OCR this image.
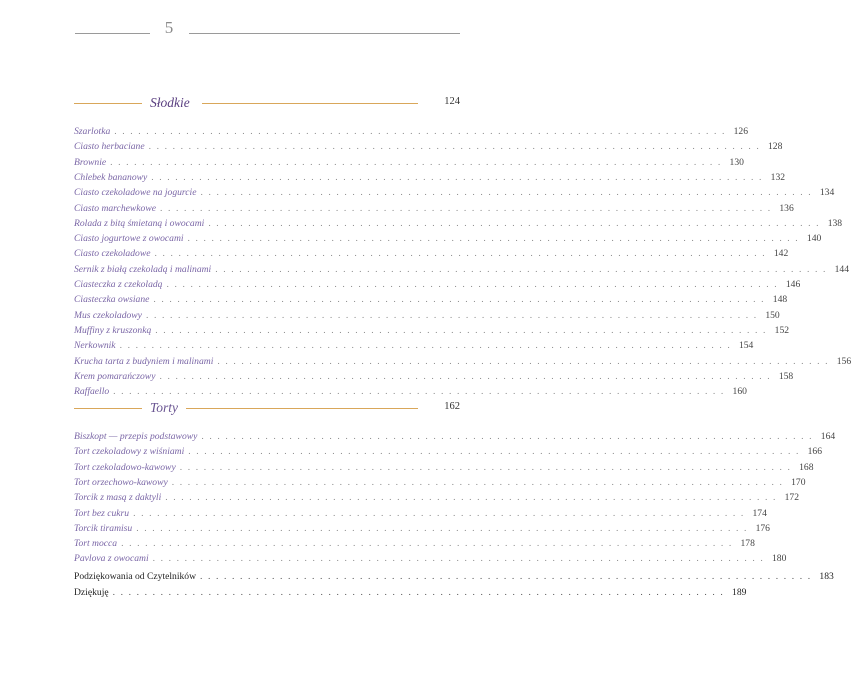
5
Słodkie	124
Szarlotka . . . . . . . . . . . . . . . . . . . . . . . . . . . . . . . . . . . . . . . . . . . . . . . . . . . . . . . . . . . . . . . . . . . . . . . . . . . . . 126
Ciasto herbaciane . . . . . . . . . . . . . . . . . . . . . . . . . . . . . . . . . . . . . . . . . . . . . . . . . . . . . . . . . . . . . . . . . . . . . . . . . . . . . 128
Brownie . . . . . . . . . . . . . . . . . . . . . . . . . . . . . . . . . . . . . . . . . . . . . . . . . . . . . . . . . . . . . . . . . . . . . . . . . . . . . 130
Chlebek bananowy . . . . . . . . . . . . . . . . . . . . . . . . . . . . . . . . . . . . . . . . . . . . . . . . . . . . . . . . . . . . . . . . . . . . . . . . . . . . . 132
Ciasto czekoladowe na jogurcie . . . . . . . . . . . . . . . . . . . . . . . . . . . . . . . . . . . . . . . . . . . . . . . . . . . . . . . . . . . . . . . . . . . . . . . . . . . . . 134
Ciasto marchewkowe . . . . . . . . . . . . . . . . . . . . . . . . . . . . . . . . . . . . . . . . . . . . . . . . . . . . . . . . . . . . . . . . . . . . . . . . . . . . . 136
Rolada z bitą śmietaną i owocami . . . . . . . . . . . . . . . . . . . . . . . . . . . . . . . . . . . . . . . . . . . . . . . . . . . . . . . . . . . . . . . . . . . . . . . . . . . . . 138
Ciasto jogurtowe z owocami . . . . . . . . . . . . . . . . . . . . . . . . . . . . . . . . . . . . . . . . . . . . . . . . . . . . . . . . . . . . . . . . . . . . . . . . . . . . . 140
Ciasto czekoladowe . . . . . . . . . . . . . . . . . . . . . . . . . . . . . . . . . . . . . . . . . . . . . . . . . . . . . . . . . . . . . . . . . . . . . . . . . . . . . 142
Sernik z białą czekoladą i malinami . . . . . . . . . . . . . . . . . . . . . . . . . . . . . . . . . . . . . . . . . . . . . . . . . . . . . . . . . . . . . . . . . . . . . . . . . . . . . 144
Ciasteczka z czekoladą . . . . . . . . . . . . . . . . . . . . . . . . . . . . . . . . . . . . . . . . . . . . . . . . . . . . . . . . . . . . . . . . . . . . . . . . . . . . . 146
Ciasteczka owsiane . . . . . . . . . . . . . . . . . . . . . . . . . . . . . . . . . . . . . . . . . . . . . . . . . . . . . . . . . . . . . . . . . . . . . . . . . . . . . 148
Mus czekoladowy . . . . . . . . . . . . . . . . . . . . . . . . . . . . . . . . . . . . . . . . . . . . . . . . . . . . . . . . . . . . . . . . . . . . . . . . . . . . . 150
Muffiny z kruszonką . . . . . . . . . . . . . . . . . . . . . . . . . . . . . . . . . . . . . . . . . . . . . . . . . . . . . . . . . . . . . . . . . . . . . . . . . . . . . 152
Nerkownik . . . . . . . . . . . . . . . . . . . . . . . . . . . . . . . . . . . . . . . . . . . . . . . . . . . . . . . . . . . . . . . . . . . . . . . . . . . . . 154
Krucha tarta z budyniem i malinami . . . . . . . . . . . . . . . . . . . . . . . . . . . . . . . . . . . . . . . . . . . . . . . . . . . . . . . . . . . . . . . . . . . . . . . . . . . . . 156
Krem pomarańczowy . . . . . . . . . . . . . . . . . . . . . . . . . . . . . . . . . . . . . . . . . . . . . . . . . . . . . . . . . . . . . . . . . . . . . . . . . . . . . 158
Raffaello . . . . . . . . . . . . . . . . . . . . . . . . . . . . . . . . . . . . . . . . . . . . . . . . . . . . . . . . . . . . . . . . . . . . . . . . . . . . . 160
Torty	162
Biszkopt — przepis podstawowy . . . . . . . . . . . . . . . . . . . . . . . . . . . . . . . . . . . . . . . . . . . . . . . . . . . . . . . . . . . . . . . . . . . . . . . . . . . . . 164
Tort czekoladowy z wiśniami . . . . . . . . . . . . . . . . . . . . . . . . . . . . . . . . . . . . . . . . . . . . . . . . . . . . . . . . . . . . . . . . . . . . . . . . . . . . . 166
Tort czekoladowo-kawowy . . . . . . . . . . . . . . . . . . . . . . . . . . . . . . . . . . . . . . . . . . . . . . . . . . . . . . . . . . . . . . . . . . . . . . . . . . . . . 168
Tort orzechowo-kawowy . . . . . . . . . . . . . . . . . . . . . . . . . . . . . . . . . . . . . . . . . . . . . . . . . . . . . . . . . . . . . . . . . . . . . . . . . . . . . 170
Torcik z masą z daktyli . . . . . . . . . . . . . . . . . . . . . . . . . . . . . . . . . . . . . . . . . . . . . . . . . . . . . . . . . . . . . . . . . . . . . . . . . . . . . 172
Tort bez cukru . . . . . . . . . . . . . . . . . . . . . . . . . . . . . . . . . . . . . . . . . . . . . . . . . . . . . . . . . . . . . . . . . . . . . . . . . . . . . 174
Torcik tiramisu . . . . . . . . . . . . . . . . . . . . . . . . . . . . . . . . . . . . . . . . . . . . . . . . . . . . . . . . . . . . . . . . . . . . . . . . . . . . . 176
Tort mocca . . . . . . . . . . . . . . . . . . . . . . . . . . . . . . . . . . . . . . . . . . . . . . . . . . . . . . . . . . . . . . . . . . . . . . . . . . . . . 178
Pavlova z owocami . . . . . . . . . . . . . . . . . . . . . . . . . . . . . . . . . . . . . . . . . . . . . . . . . . . . . . . . . . . . . . . . . . . . . . . . . . . . . 180
Podziękowania od Czytelników . . . . . . . . . . . . . . . . . . . . . . . . . . . . . . . . . . . . . . . . . . . . . . . . . . . . . . . . . . . . . . . . . . . . . . . . . . . . . 183
Dziękuję . . . . . . . . . . . . . . . . . . . . . . . . . . . . . . . . . . . . . . . . . . . . . . . . . . . . . . . . . . . . . . . . . . . . . . . . . . . . . 189
